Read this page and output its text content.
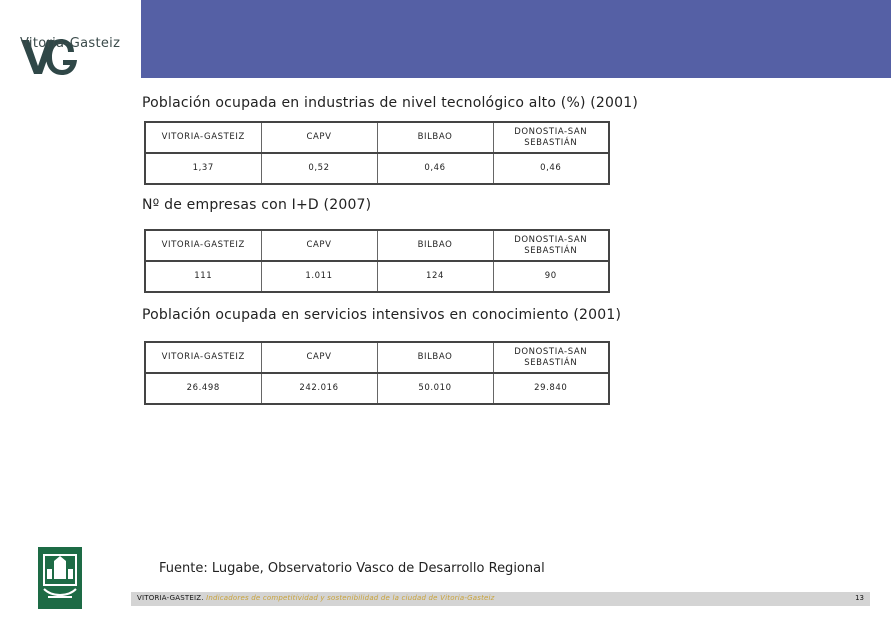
Vitoria-Gasteiz
Población ocupada en industrias de nivel tecnológico alto (%) (2001)
VITORIA-GASTEIZ	CAPV	BILBAO	DONOSTIA-SAN SEBASTIÁN
1,37	0,52	0,46	0,46
Nº de empresas con I+D (2007)
VITORIA-GASTEIZ	CAPV	BILBAO	DONOSTIA-SAN SEBASTIÁN
111	1.011	124	90
Población ocupada en servicios intensivos en conocimiento (2001)
VITORIA-GASTEIZ	CAPV	BILBAO	DONOSTIA-SAN SEBASTIÁN
26.498	242.016	50.010	29.840
Fuente: Lugabe, Observatorio Vasco de Desarrollo Regional
VITORIA-GASTEIZ. Indicadores de competitividad y sostenibilidad de la ciudad de Vitoria-Gasteiz	13
